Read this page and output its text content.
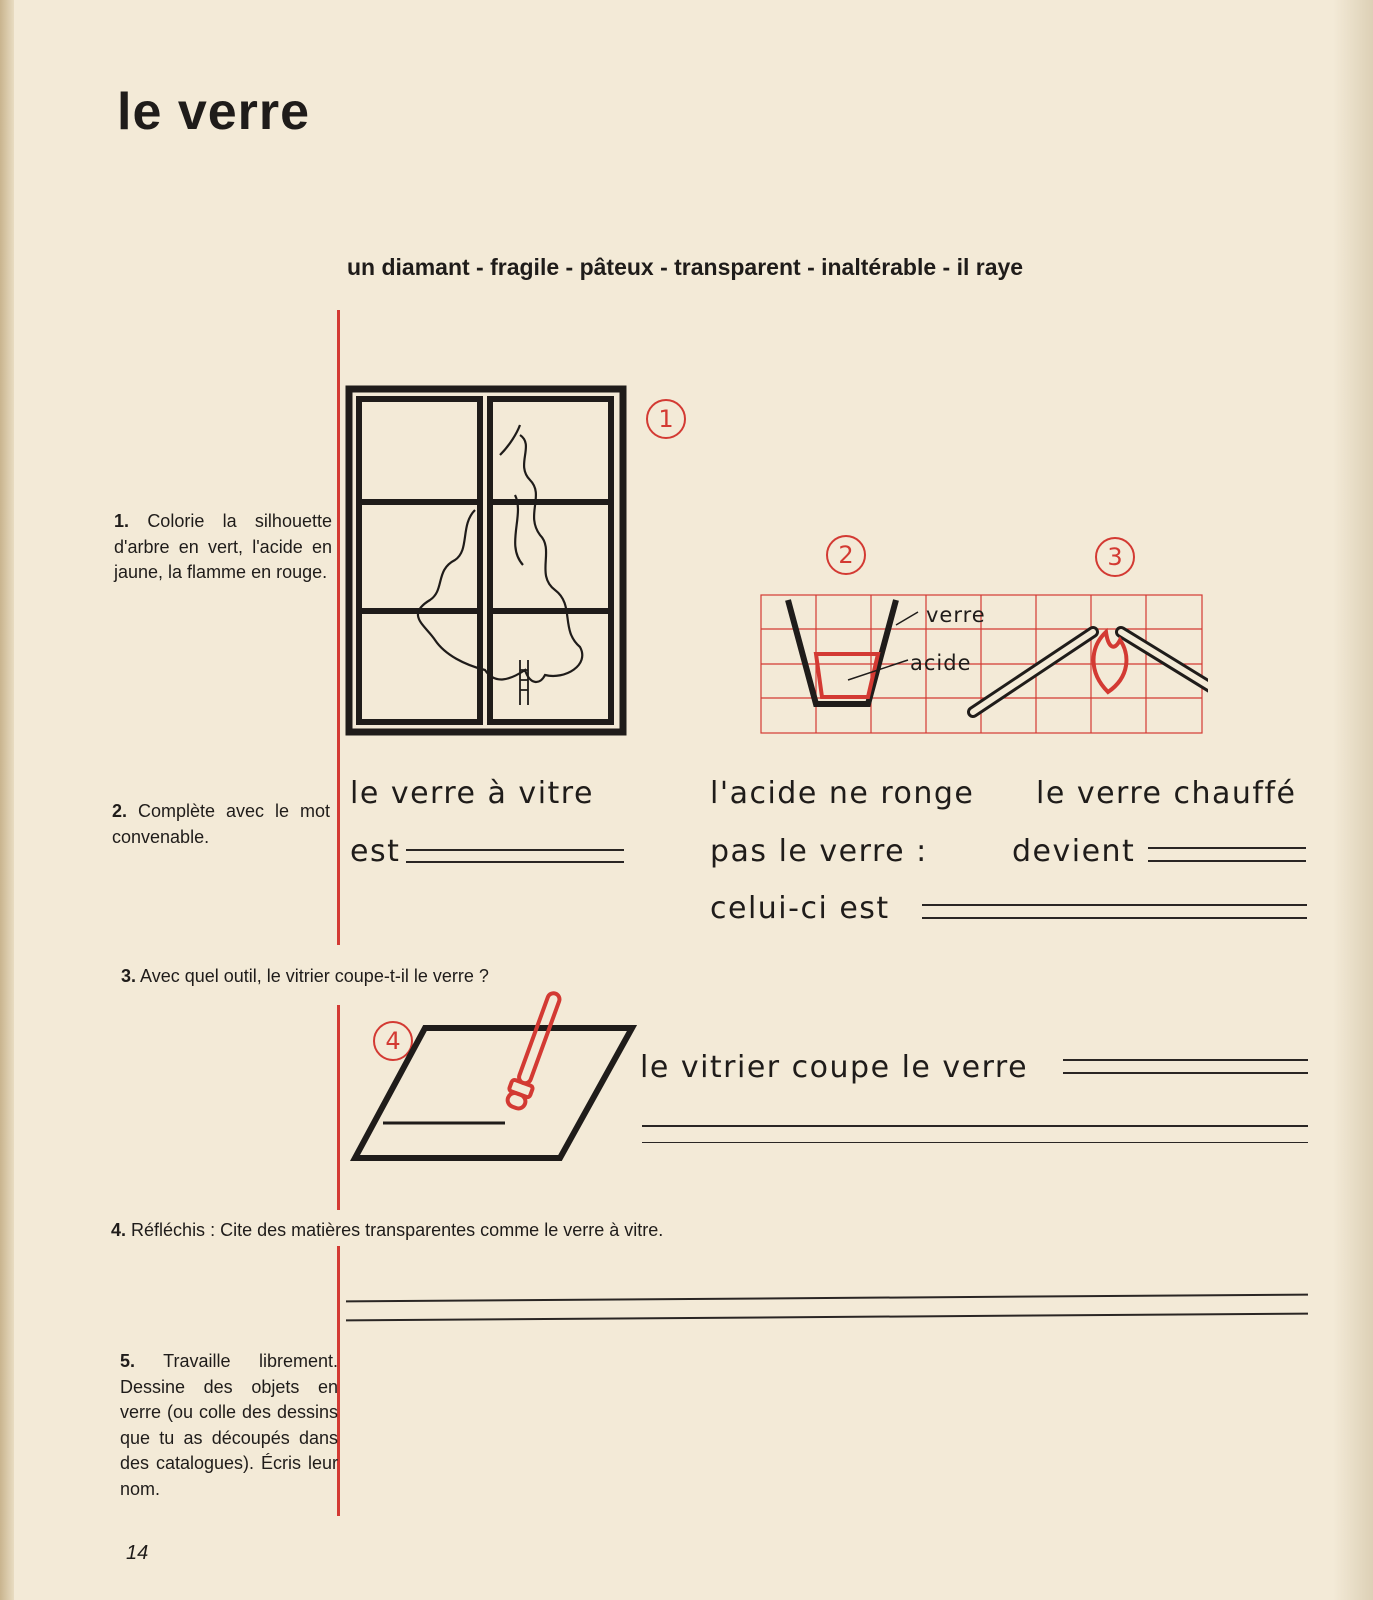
le verre
un diamant - fragile - pâteux - transparent - inaltérable - il raye
1. Colorie la silhouette d'arbre en vert, l'acide en jaune, la flamme en rouge.
2. Complète avec le mot convenable.
3. Avec quel outil, le vitrier coupe-t-il le verre ?
4. Réfléchis : Cite des matières transparentes comme le verre à vitre.
5. Travaille librement. Dessine des objets en verre (ou colle des dessins que tu as découpés dans des catalogues). Écris leur nom.
1
2	3
4
verre
acide
le verre à vitre
est
l'acide ne ronge
pas le verre :
celui-ci est
le verre chauffé
devient
le vitrier coupe le verre
14
